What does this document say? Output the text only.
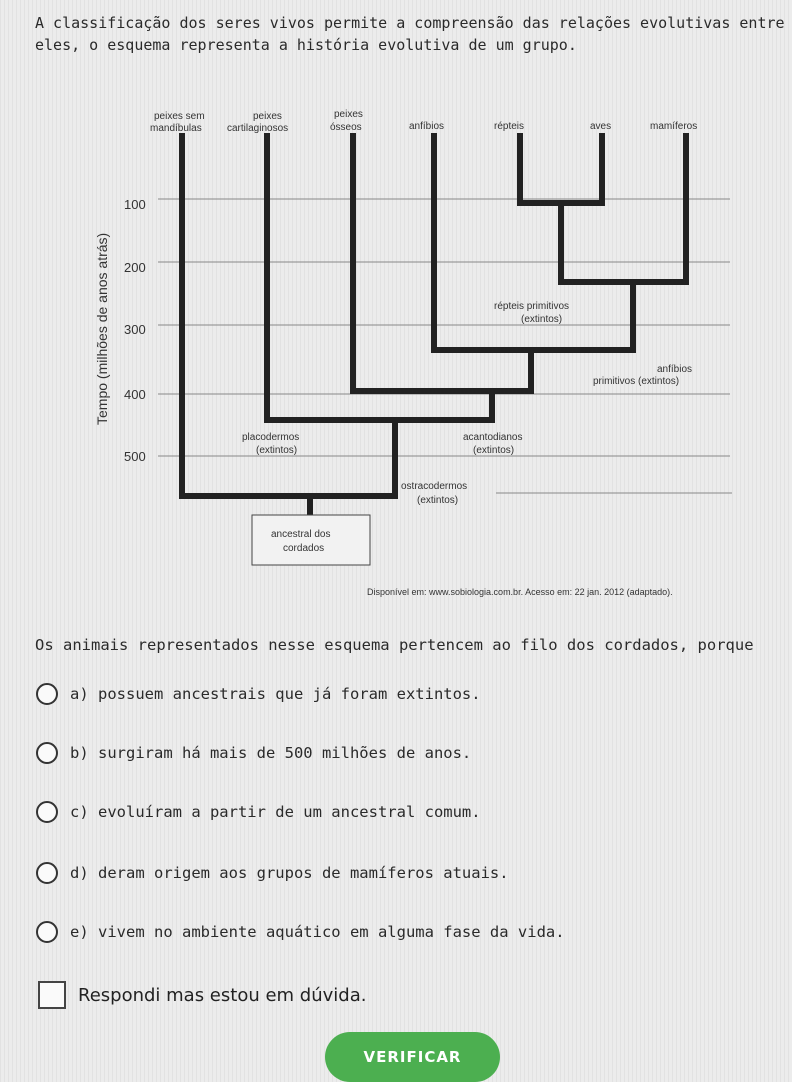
A classificação dos seres vivos permite a compreensão das relações evolutivas entre eles, o esquema representa a história evolutiva de um grupo.
peixes sem
mandíbulas
peixes
cartilaginosos
peixes
ósseos	anfíbios	répteis	aves	mamíferos
Tempo (milhões de anos atrás)
100
200
300
400
500
répteis primitivos
(extintos)
anfíbios
primitivos (extintos)
placodermos
(extintos)
acantodianos
(extintos)
ostracodermos
(extintos)
ancestral dos
cordados
Disponível em: www.sobiologia.com.br. Acesso em: 22 jan. 2012 (adaptado).
Os animais representados nesse esquema pertencem ao filo dos cordados, porque
a) possuem ancestrais que já foram extintos.
b) surgiram há mais de 500 milhões de anos.
c) evoluíram a partir de um ancestral comum.
d) deram origem aos grupos de mamíferos atuais.
e) vivem no ambiente aquático em alguma fase da vida.
Respondi mas estou em dúvida.
VERIFICAR
